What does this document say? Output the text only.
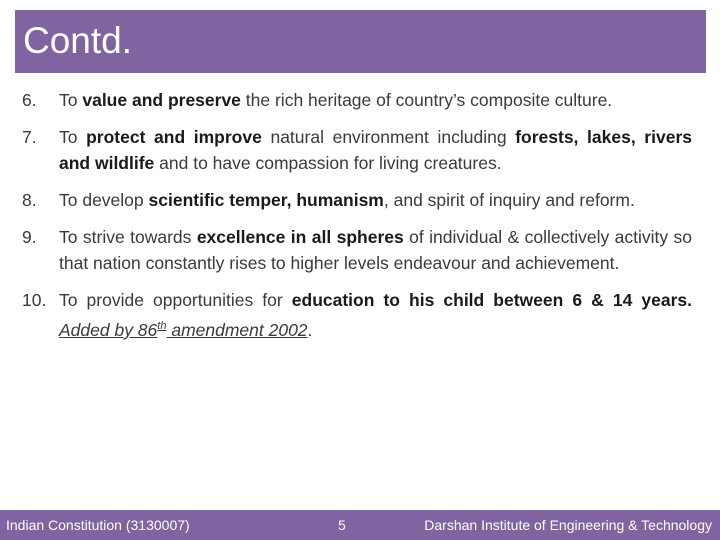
Contd.
6.	To value and preserve the rich heritage of country’s composite culture.
7.	To protect and improve natural environment including forests, lakes, rivers and wildlife and to have compassion for living creatures.
8.	To develop scientific temper, humanism, and spirit of inquiry and reform.
9.	To strive towards excellence in all spheres of individual & collectively activity so that nation constantly rises to higher levels endeavour and achievement.
10. To provide opportunities for education to his child between 6 & 14 years. Added by 86th amendment 2002.
Indian Constitution (3130007)	5	Darshan Institute of Engineering & Technology
